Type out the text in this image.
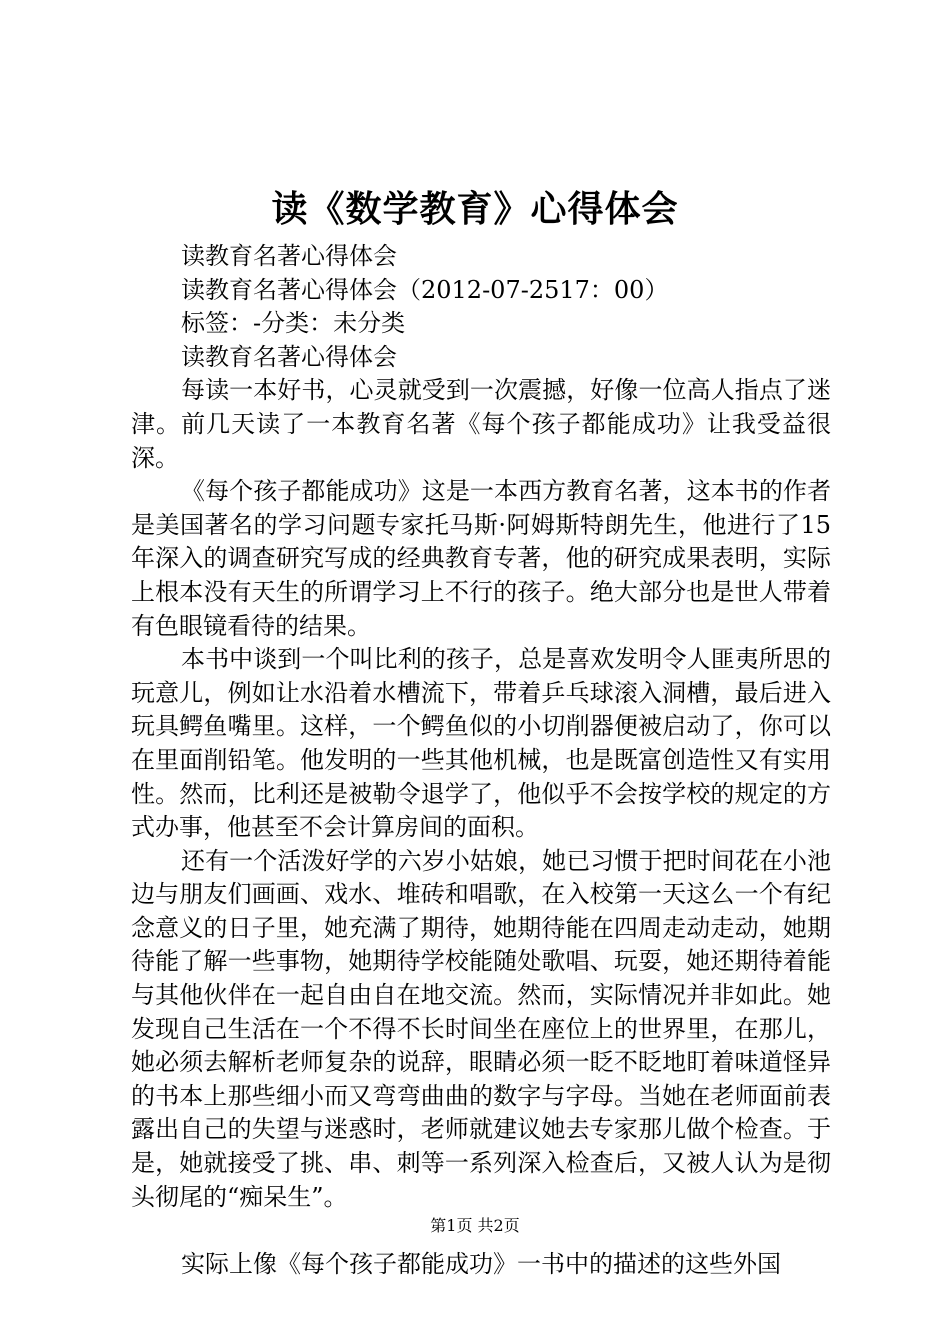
读《数学教育》心得体会

读教育名著心得体会

读教育名著心得体会（2012-07-2517：00）

标签：-分类：未分类

读教育名著心得体会

每读一本好书，心灵就受到一次震撼，好像一位高人指点了迷津。前几天读了一本教育名著《每个孩子都能成功》让我受益很深。

《每个孩子都能成功》这是一本西方教育名著，这本书的作者是美国著名的学习问题专家托马斯·阿姆斯特朗先生，他进行了15年深入的调查研究写成的经典教育专著，他的研究成果表明，实际上根本没有天生的所谓学习上不行的孩子。绝大部分也是世人带着有色眼镜看待的结果。

本书中谈到一个叫比利的孩子，总是喜欢发明令人匪夷所思的玩意儿，例如让水沿着水槽流下，带着乒乓球滚入洞槽，最后进入玩具鳄鱼嘴里。这样，一个鳄鱼似的小切削器便被启动了，你可以在里面削铅笔。他发明的一些其他机械，也是既富创造性又有实用性。然而，比利还是被勒令退学了，他似乎不会按学校的规定的方式办事，他甚至不会计算房间的面积。

还有一个活泼好学的六岁小姑娘，她已习惯于把时间花在小池边与朋友们画画、戏水、堆砖和唱歌，在入校第一天这么一个有纪念意义的日子里，她充满了期待，她期待能在四周走动走动，她期待能了解一些事物，她期待学校能随处歌唱、玩耍，她还期待着能与其他伙伴在一起自由自在地交流。然而，实际情况并非如此。她发现自己生活在一个不得不长时间坐在座位上的世界里，在那儿，她必须去解析老师复杂的说辞，眼睛必须一眨不眨地盯着味道怪异的书本上那些细小而又弯弯曲曲的数字与字母。当她在老师面前表露出自己的失望与迷惑时，老师就建议她去专家那儿做个检查。于是，她就接受了挑、串、刺等一系列深入检查后，又被人认为是彻头彻尾的“痴呆生”。

实际上像《每个孩子都能成功》一书中的描述的这些外国

第1页 共2页
